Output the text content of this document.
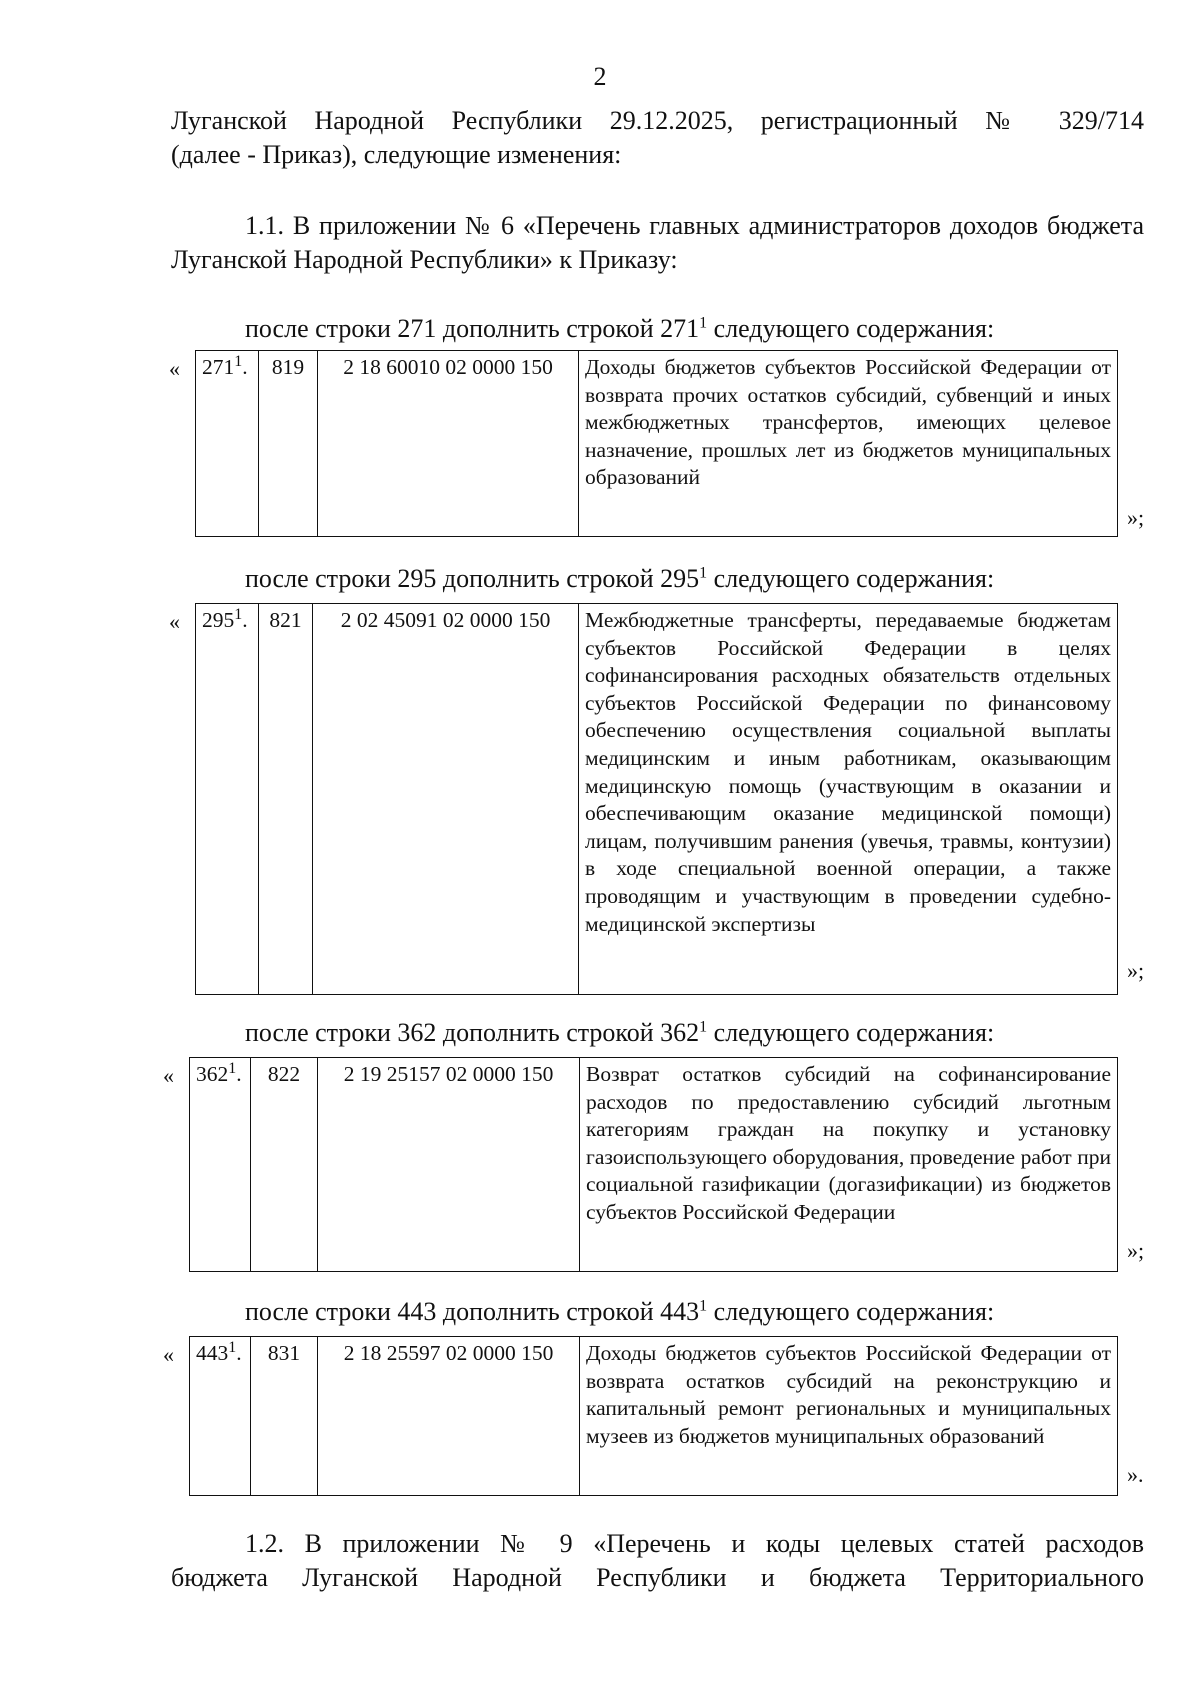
2
Луганской Народной Республики 29.12.2025, регистрационный № 329/714
(далее - Приказ), следующие изменения:
1.1. В приложении № 6 «Перечень главных администраторов доходов бюджета Луганской Народной Республики» к Приказу:
после строки 271 дополнить строкой $271^1$ следующего содержания:
« $271^1$.	819	2 18 60010 02 0000 150	Доходы бюджетов субъектов Российской Федерации от возврата прочих остатков субсидий, субвенций и иных межбюджетных трансфертов, имеющих целевое назначение, прошлых лет из бюджетов муниципальных образований
»;
после строки 295 дополнить строкой $295^1$ следующего содержания:
« $295^1$.	821	2 02 45091 02 0000 150	Межбюджетные трансферты, передаваемые бюджетам субъектов Российской Федерации в целях софинансирования расходных обязательств отдельных субъектов Российской Федерации по финансовому обеспечению осуществления социальной выплаты медицинским и иным работникам, оказывающим медицинскую помощь (участвующим в оказании и обеспечивающим оказание медицинской помощи) лицам, получившим ранения (увечья, травмы, контузии) в ходе специальной военной операции, а также проводящим и участвующим в проведении судебно-медицинской экспертизы
»;
после строки 362 дополнить строкой $362^1$ следующего содержания:
« $362^1$.	822	2 19 25157 02 0000 150	Возврат остатков субсидий на софинансирование расходов по предоставлению субсидий льготным категориям граждан на покупку и установку газоиспользующего оборудования, проведение работ при социальной газификации (догазификации) из бюджетов субъектов Российской Федерации
»;
после строки 443 дополнить строкой $443^1$ следующего содержания:
« $443^1$.	831	2 18 25597 02 0000 150	Доходы бюджетов субъектов Российской Федерации от возврата остатков субсидий на реконструкцию и капитальный ремонт региональных и муниципальных музеев из бюджетов муниципальных образований
».
1.2. В приложении № 9 «Перечень и коды целевых статей расходов
бюджета Луганской Народной Республики и бюджета Территориального
